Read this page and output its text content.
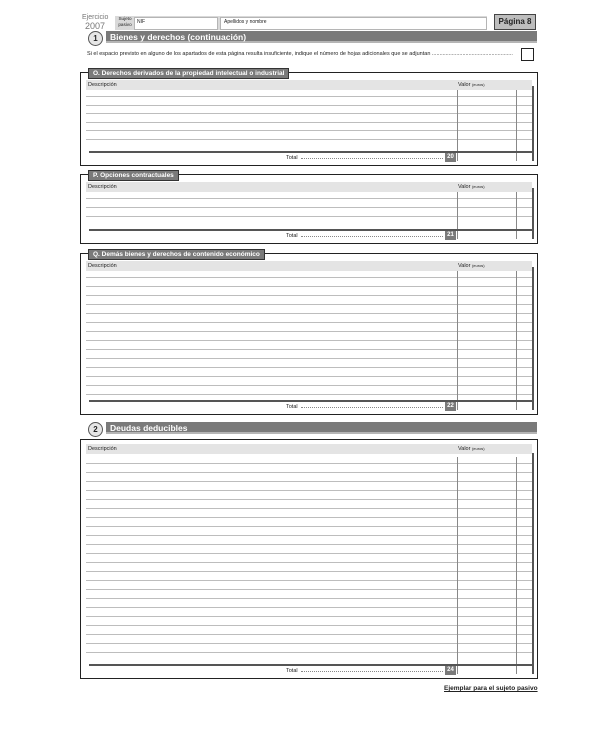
Ejercicio
2007
Sujeto pasivo NIF	Apellidos y nombre	Página 8
1	Bienes y derechos (continuación)
Si el espacio previsto en alguno de los apartados de esta página resulta insuficiente, indique el número de hojas adicionales que se adjuntan .....................................................
O. Derechos derivados de la propiedad intelectual o industrial
Descripción	Valor (euros)
Total	20
P. Opciones contractuales
Descripción	Valor (euros)
Total	21
Q. Demás bienes y derechos de contenido económico
Descripción	Valor (euros)
Total	22
2	Deudas deducibles
Descripción	Valor (euros)
Total	24
Ejemplar para el sujeto pasivo
